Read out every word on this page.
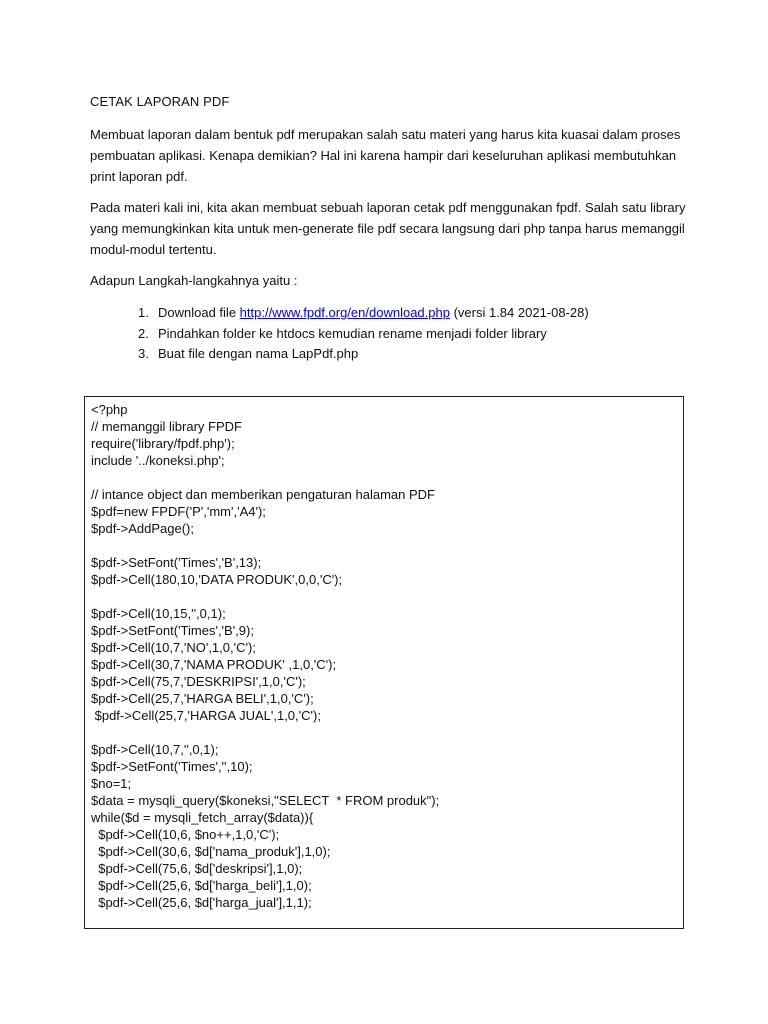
CETAK LAPORAN PDF

Membuat laporan dalam bentuk pdf merupakan salah satu materi yang harus kita kuasai dalam proses
pembuatan aplikasi. Kenapa demikian? Hal ini karena hampir dari keseluruhan aplikasi membutuhkan
print laporan pdf.

Pada materi kali ini, kita akan membuat sebuah laporan cetak pdf menggunakan fpdf. Salah satu library
yang memungkinkan kita untuk men-generate file pdf secara langsung dari php tanpa harus memanggil
modul-modul tertentu.

Adapun Langkah-langkahnya yaitu :

1. Download file http://www.fpdf.org/en/download.php (versi 1.84 2021-08-28)
2. Pindahkan folder ke htdocs kemudian rename menjadi folder library
3. Buat file dengan nama LapPdf.php
<?php
// memanggil library FPDF
require('library/fpdf.php');
include '../koneksi.php';
// intance object dan memberikan pengaturan halaman PDF
$pdf=new FPDF('P','mm','A4');
$pdf->AddPage();
$pdf->SetFont('Times','B',13);
$pdf->Cell(180,10,'DATA PRODUK',0,0,'C');
$pdf->Cell(10,15,'',0,1);
$pdf->SetFont('Times','B',9);
$pdf->Cell(10,7,'NO',1,0,'C');
$pdf->Cell(30,7,'NAMA PRODUK' ,1,0,'C');
$pdf->Cell(75,7,'DESKRIPSI',1,0,'C');
$pdf->Cell(25,7,'HARGA BELI',1,0,'C');
$pdf->Cell(25,7,'HARGA JUAL',1,0,'C');
$pdf->Cell(10,7,'',0,1);
$pdf->SetFont('Times','',10);
$no=1;
$data = mysqli_query($koneksi,"SELECT  * FROM produk");
while($d = mysqli_fetch_array($data)){
$pdf->Cell(10,6, $no++,1,0,'C');
$pdf->Cell(30,6, $d['nama_produk'],1,0);
$pdf->Cell(75,6, $d['deskripsi'],1,0);
$pdf->Cell(25,6, $d['harga_beli'],1,0);
$pdf->Cell(25,6, $d['harga_jual'],1,1);
